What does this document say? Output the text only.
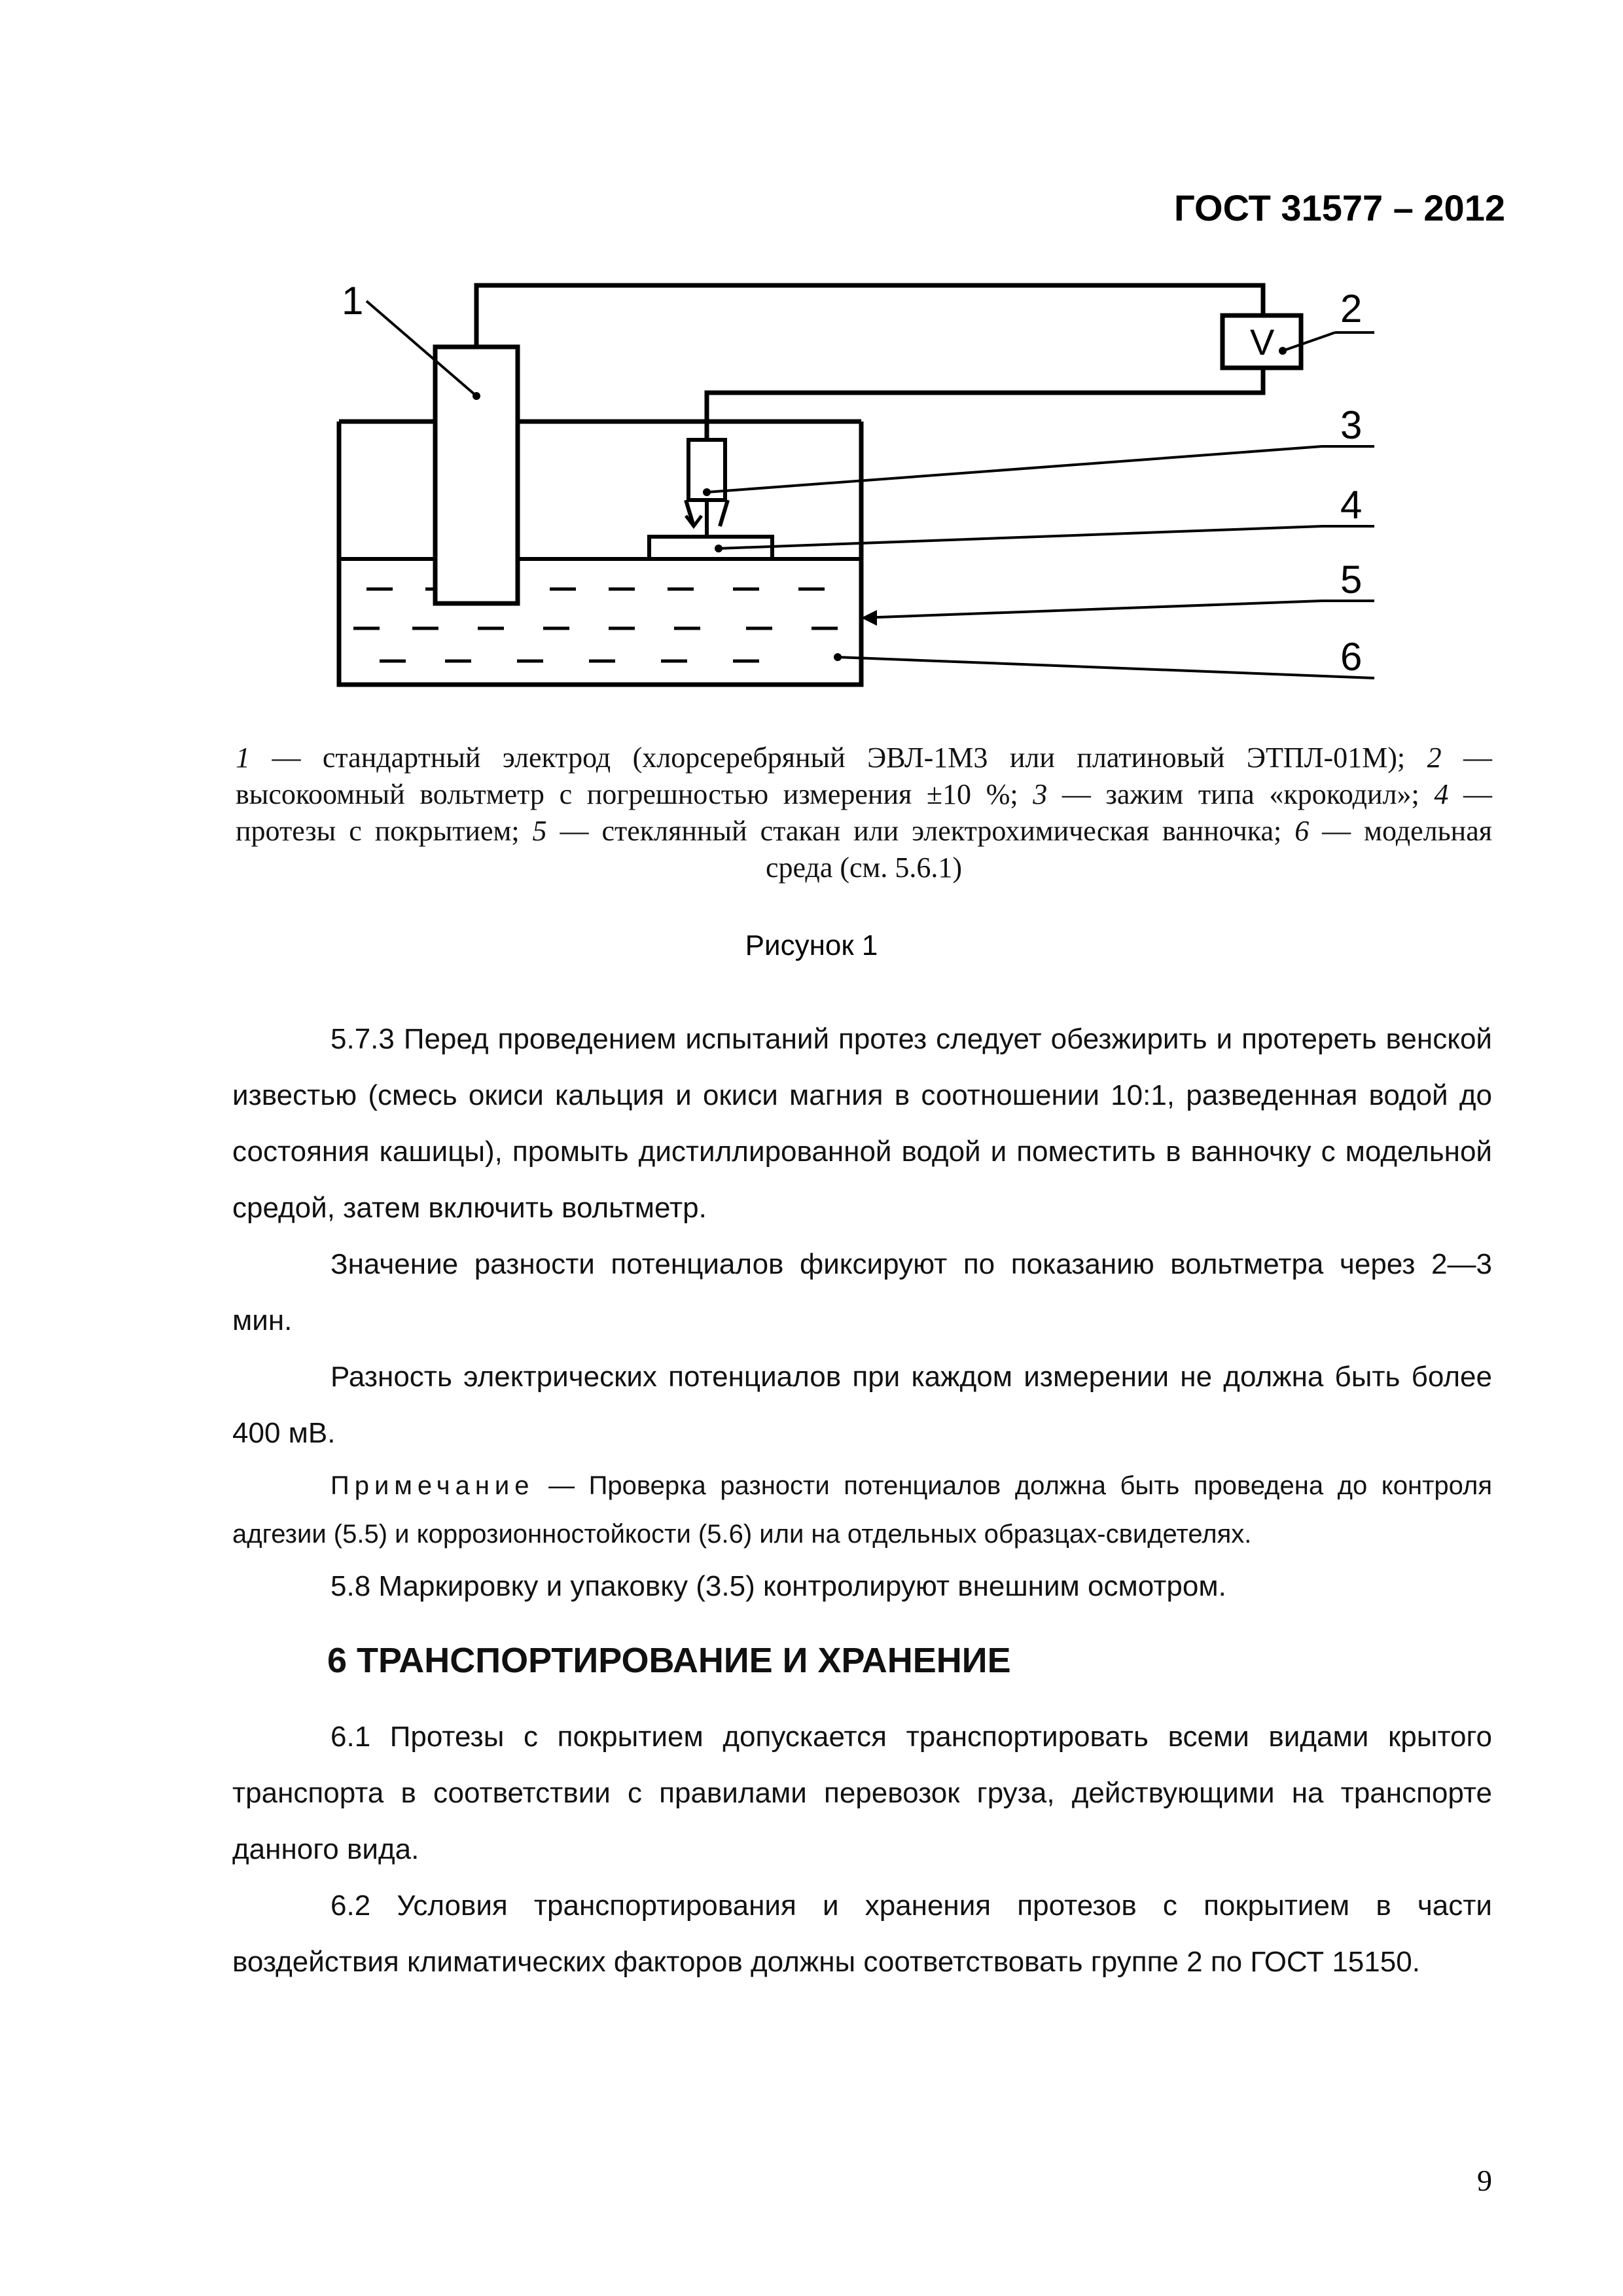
ГОСТ 31577 – 2012
V
1	2
3
4
5
6
1 — стандартный электрод (хлорсеребряный ЭВЛ-1М3 или платиновый ЭТПЛ-01М); 2 — высокоомный вольтметр с погрешностью измерения ±10 %; 3 — зажим типа «крокодил»; 4 — протезы с покрытием; 5 — стеклянный стакан или электрохимическая ванночка; 6 — модельная среда (см. 5.6.1)
Рисунок 1

5.7.3 Перед проведением испытаний протез следует обезжирить и протереть венской известью (смесь окиси кальция и окиси магния в соотношении 10:1, разведенная водой до состояния кашицы), промыть дистиллированной водой и поместить в ванночку с модельной средой, затем включить вольтметр.

Значение разности потенциалов фиксируют по показанию вольтметра через 2—3 мин.

Разность электрических потенциалов при каждом измерении не должна быть более 400 мВ.

Примечание — Проверка разности потенциалов должна быть проведена до контроля адгезии (5.5) и коррозионностойкости (5.6) или на отдельных образцах-свидетелях.

5.8 Маркировку и упаковку (3.5) контролируют внешним осмотром.

6 ТРАНСПОРТИРОВАНИЕ И ХРАНЕНИЕ

6.1 Протезы с покрытием допускается транспортировать всеми видами крытого транспорта в соответствии с правилами перевозок груза, действующими на транспорте данного вида.

6.2 Условия транспортирования и хранения протезов с покрытием в части воздействия климатических факторов должны соответствовать группе 2 по ГОСТ 15150.

9
